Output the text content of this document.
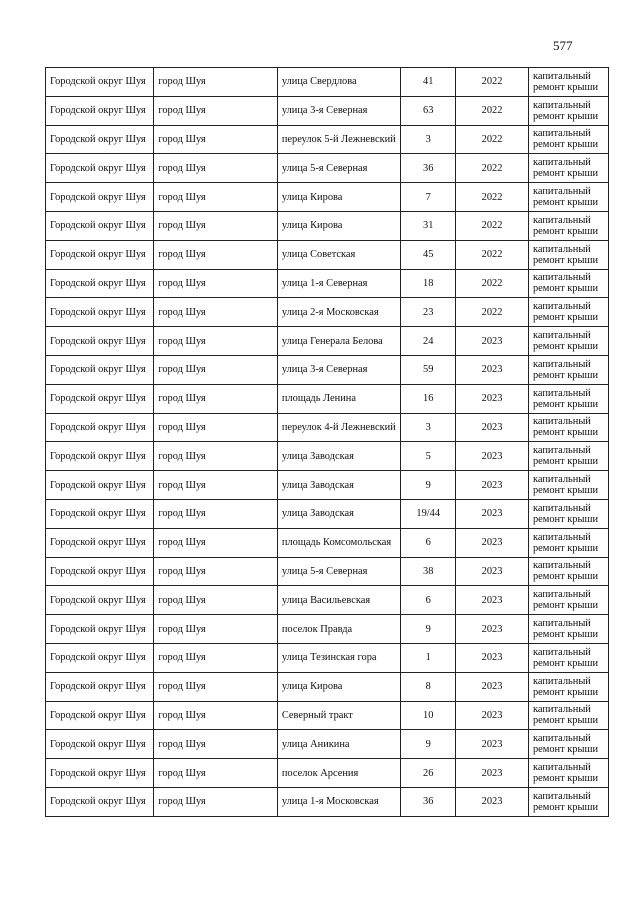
577
Городской округ Шуя	город Шуя	улица Свердлова	41	2022	капитальный ремонт крыши
Городской округ Шуя	город Шуя	улица 3-я Северная	63	2022	капитальный ремонт крыши
Городской округ Шуя	город Шуя	переулок 5-й Лежневский	3	2022	капитальный ремонт крыши
Городской округ Шуя	город Шуя	улица 5-я Северная	36	2022	капитальный ремонт крыши
Городской округ Шуя	город Шуя	улица Кирова	7	2022	капитальный ремонт крыши
Городской округ Шуя	город Шуя	улица Кирова	31	2022	капитальный ремонт крыши
Городской округ Шуя	город Шуя	улица Советская	45	2022	капитальный ремонт крыши
Городской округ Шуя	город Шуя	улица 1-я Северная	18	2022	капитальный ремонт крыши
Городской округ Шуя	город Шуя	улица 2-я Московская	23	2022	капитальный ремонт крыши
Городской округ Шуя	город Шуя	улица Генерала Белова	24	2023	капитальный ремонт крыши
Городской округ Шуя	город Шуя	улица 3-я Северная	59	2023	капитальный ремонт крыши
Городской округ Шуя	город Шуя	площадь Ленина	16	2023	капитальный ремонт крыши
Городской округ Шуя	город Шуя	переулок 4-й Лежневский	3	2023	капитальный ремонт крыши
Городской округ Шуя	город Шуя	улица Заводская	5	2023	капитальный ремонт крыши
Городской округ Шуя	город Шуя	улица Заводская	9	2023	капитальный ремонт крыши
Городской округ Шуя	город Шуя	улица Заводская	19/44	2023	капитальный ремонт крыши
Городской округ Шуя	город Шуя	площадь Комсомольская	6	2023	капитальный ремонт крыши
Городской округ Шуя	город Шуя	улица 5-я Северная	38	2023	капитальный ремонт крыши
Городской округ Шуя	город Шуя	улица Васильевская	6	2023	капитальный ремонт крыши
Городской округ Шуя	город Шуя	поселок Правда	9	2023	капитальный ремонт крыши
Городской округ Шуя	город Шуя	улица Тезинская гора	1	2023	капитальный ремонт крыши
Городской округ Шуя	город Шуя	улица Кирова	8	2023	капитальный ремонт крыши
Городской округ Шуя	город Шуя	Северный тракт	10	2023	капитальный ремонт крыши
Городской округ Шуя	город Шуя	улица Аникина	9	2023	капитальный ремонт крыши
Городской округ Шуя	город Шуя	поселок Арсения	26	2023	капитальный ремонт крыши
Городской округ Шуя	город Шуя	улица 1-я Московская	36	2023	капитальный ремонт крыши
